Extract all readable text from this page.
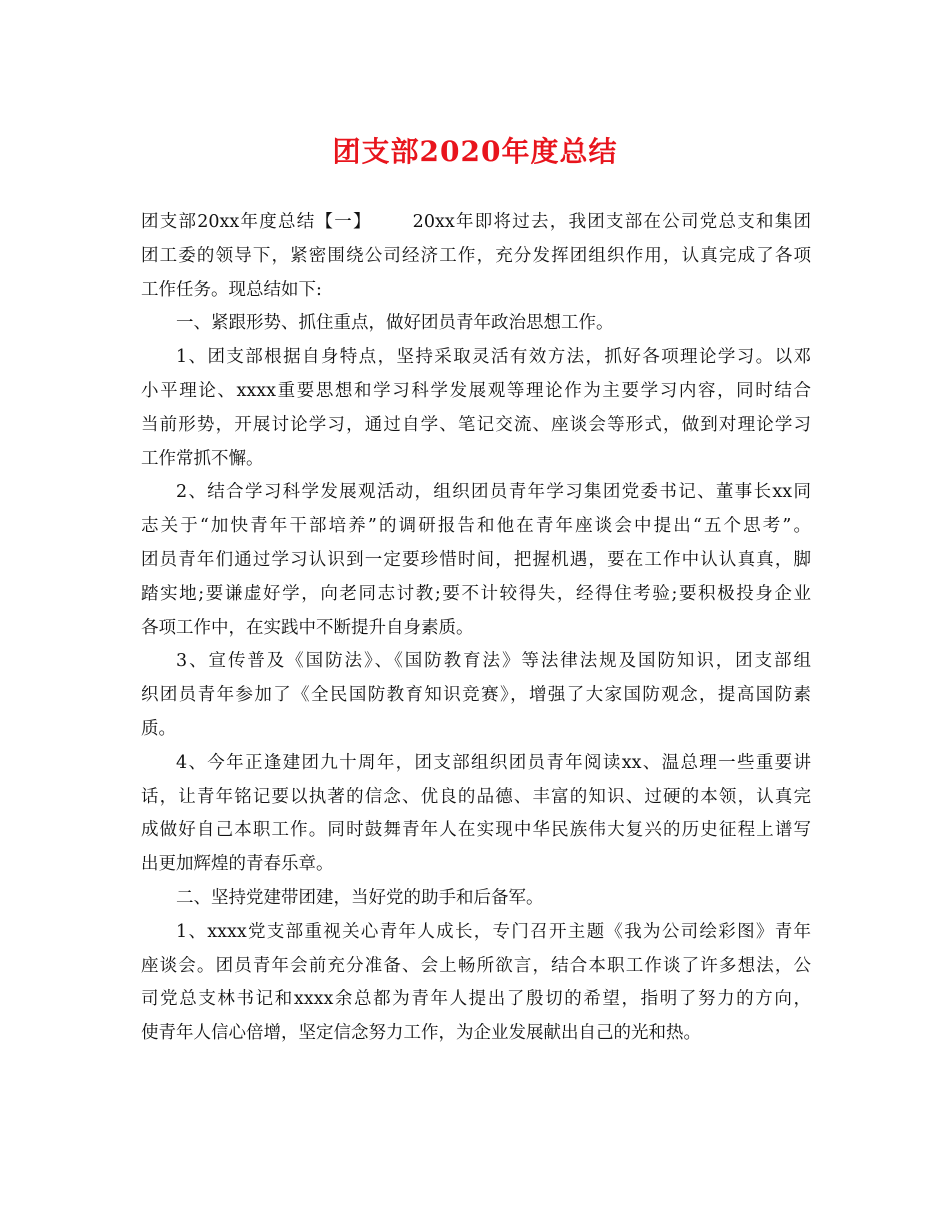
团支部2020年度总结
团支部20xx年度总结【一】      20xx年即将过去，我团支部在公司党总支和集团
团工委的领导下，紧密围绕公司经济工作，充分发挥团组织作用，认真完成了各项
工作任务。现总结如下:
一、紧跟形势、抓住重点，做好团员青年政治思想工作。
1、团支部根据自身特点，坚持采取灵活有效方法，抓好各项理论学习。以邓
小平理论、xxxx重要思想和学习科学发展观等理论作为主要学习内容，同时结合
当前形势，开展讨论学习，通过自学、笔记交流、座谈会等形式，做到对理论学习
工作常抓不懈。
2、结合学习科学发展观活动，组织团员青年学习集团党委书记、董事长xx同
志关于“加快青年干部培养”的调研报告和他在青年座谈会中提出“五个思考”。
团员青年们通过学习认识到一定要珍惜时间，把握机遇，要在工作中认认真真，脚
踏实地;要谦虚好学，向老同志讨教;要不计较得失，经得住考验;要积极投身企业
各项工作中，在实践中不断提升自身素质。
3、宣传普及《国防法》、《国防教育法》等法律法规及国防知识，团支部组
织团员青年参加了《全民国防教育知识竞赛》，增强了大家国防观念，提高国防素
质。
4、今年正逢建团九十周年，团支部组织团员青年阅读xx、温总理一些重要讲
话，让青年铭记要以执著的信念、优良的品德、丰富的知识、过硬的本领，认真完
成做好自己本职工作。同时鼓舞青年人在实现中华民族伟大复兴的历史征程上谱写
出更加辉煌的青春乐章。
二、坚持党建带团建，当好党的助手和后备军。
1、xxxx党支部重视关心青年人成长，专门召开主题《我为公司绘彩图》青年
座谈会。团员青年会前充分准备、会上畅所欲言，结合本职工作谈了许多想法，公
司党总支林书记和xxxx余总都为青年人提出了殷切的希望，指明了努力的方向，
使青年人信心倍增，坚定信念努力工作，为企业发展献出自己的光和热。
